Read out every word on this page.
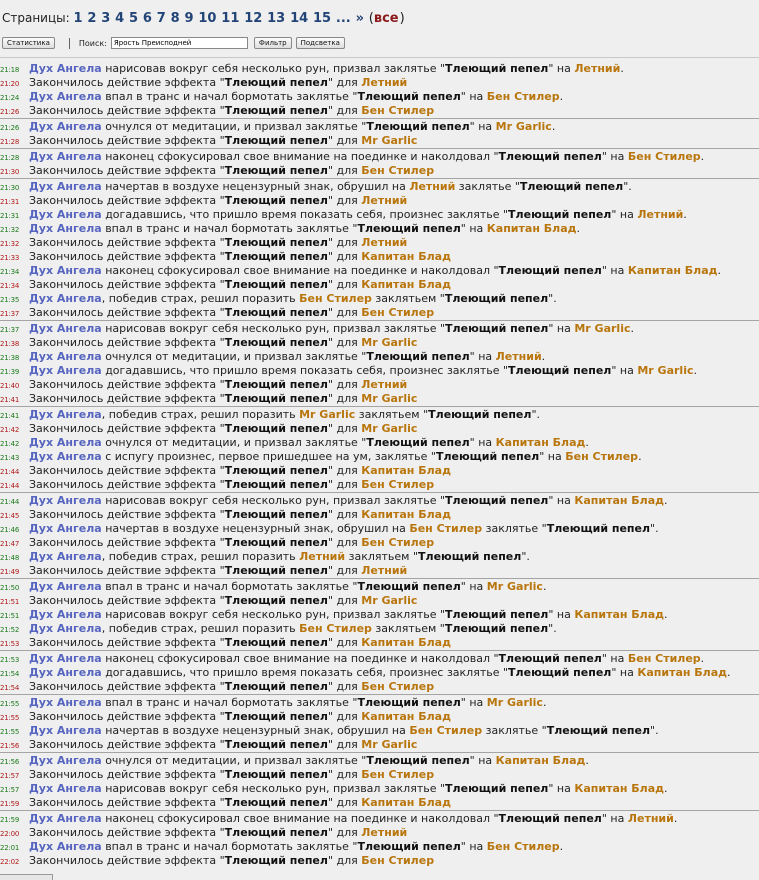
Страницы: 1 2 3 4 5 6 7 8 9 10 11 12 13 14 15 ... » (все)
Статистика	Поиск:
Ярость Преисподней	Фильтр	Подсветка
21:18 Дух Ангела нарисовав вокруг себя несколько рун, призвал заклятье "Тлеющий пепел" на Летний.
21:20 Закончилось действие эффекта "Тлеющий пепел" для Летний
21:24 Дух Ангела впал в транс и начал бормотать заклятье "Тлеющий пепел" на Бен Стилер.
21:26 Закончилось действие эффекта "Тлеющий пепел" для Бен Стилер
21:26 Дух Ангела очнулся от медитации, и призвал заклятье "Тлеющий пепел" на Mr Garlic.
21:28 Закончилось действие эффекта "Тлеющий пепел" для Mr Garlic
21:28 Дух Ангела наконец сфокусировал свое внимание на поединке и наколдовал "Тлеющий пепел" на Бен Стилер.
21:30 Закончилось действие эффекта "Тлеющий пепел" для Бен Стилер
21:30 Дух Ангела начертав в воздухе нецензурный знак, обрушил на Летний заклятье "Тлеющий пепел".
21:31 Закончилось действие эффекта "Тлеющий пепел" для Летний
21:31 Дух Ангела догадавшись, что пришло время показать себя, произнес заклятье "Тлеющий пепел" на Летний.
21:32 Дух Ангела впал в транс и начал бормотать заклятье "Тлеющий пепел" на Капитан Блад.
21:32 Закончилось действие эффекта "Тлеющий пепел" для Летний
21:33 Закончилось действие эффекта "Тлеющий пепел" для Капитан Блад
21:34 Дух Ангела наконец сфокусировал свое внимание на поединке и наколдовал "Тлеющий пепел" на Капитан Блад.
21:34 Закончилось действие эффекта "Тлеющий пепел" для Капитан Блад
21:35 Дух Ангела, победив страх, решил поразить Бен Стилер заклятьем "Тлеющий пепел".
21:37 Закончилось действие эффекта "Тлеющий пепел" для Бен Стилер
21:37 Дух Ангела нарисовав вокруг себя несколько рун, призвал заклятье "Тлеющий пепел" на Mr Garlic.
21:38 Закончилось действие эффекта "Тлеющий пепел" для Mr Garlic
21:38 Дух Ангела очнулся от медитации, и призвал заклятье "Тлеющий пепел" на Летний.
21:39 Дух Ангела догадавшись, что пришло время показать себя, произнес заклятье "Тлеющий пепел" на Mr Garlic.
21:40 Закончилось действие эффекта "Тлеющий пепел" для Летний
21:41 Закончилось действие эффекта "Тлеющий пепел" для Mr Garlic
21:41 Дух Ангела, победив страх, решил поразить Mr Garlic заклятьем "Тлеющий пепел".
21:42 Закончилось действие эффекта "Тлеющий пепел" для Mr Garlic
21:42 Дух Ангела очнулся от медитации, и призвал заклятье "Тлеющий пепел" на Капитан Блад.
21:43 Дух Ангела с испугу произнес, первое пришедшее на ум, заклятье "Тлеющий пепел" на Бен Стилер.
21:44 Закончилось действие эффекта "Тлеющий пепел" для Капитан Блад
21:44 Закончилось действие эффекта "Тлеющий пепел" для Бен Стилер
21:44 Дух Ангела нарисовав вокруг себя несколько рун, призвал заклятье "Тлеющий пепел" на Капитан Блад.
21:45 Закончилось действие эффекта "Тлеющий пепел" для Капитан Блад
21:46 Дух Ангела начертав в воздухе нецензурный знак, обрушил на Бен Стилер заклятье "Тлеющий пепел".
21:47 Закончилось действие эффекта "Тлеющий пепел" для Бен Стилер
21:48 Дух Ангела, победив страх, решил поразить Летний заклятьем "Тлеющий пепел".
21:49 Закончилось действие эффекта "Тлеющий пепел" для Летний
21:50 Дух Ангела впал в транс и начал бормотать заклятье "Тлеющий пепел" на Mr Garlic.
21:51 Закончилось действие эффекта "Тлеющий пепел" для Mr Garlic
21:51 Дух Ангела нарисовав вокруг себя несколько рун, призвал заклятье "Тлеющий пепел" на Капитан Блад.
21:52 Дух Ангела, победив страх, решил поразить Бен Стилер заклятьем "Тлеющий пепел".
21:53 Закончилось действие эффекта "Тлеющий пепел" для Капитан Блад
21:53 Дух Ангела наконец сфокусировал свое внимание на поединке и наколдовал "Тлеющий пепел" на Бен Стилер.
21:54 Дух Ангела догадавшись, что пришло время показать себя, произнес заклятье "Тлеющий пепел" на Капитан Блад.
21:54 Закончилось действие эффекта "Тлеющий пепел" для Бен Стилер
21:55 Дух Ангела впал в транс и начал бормотать заклятье "Тлеющий пепел" на Mr Garlic.
21:55 Закончилось действие эффекта "Тлеющий пепел" для Капитан Блад
21:55 Дух Ангела начертав в воздухе нецензурный знак, обрушил на Бен Стилер заклятье "Тлеющий пепел".
21:56 Закончилось действие эффекта "Тлеющий пепел" для Mr Garlic
21:56 Дух Ангела очнулся от медитации, и призвал заклятье "Тлеющий пепел" на Капитан Блад.
21:57 Закончилось действие эффекта "Тлеющий пепел" для Бен Стилер
21:57 Дух Ангела нарисовав вокруг себя несколько рун, призвал заклятье "Тлеющий пепел" на Капитан Блад.
21:59 Закончилось действие эффекта "Тлеющий пепел" для Капитан Блад
21:59 Дух Ангела наконец сфокусировал свое внимание на поединке и наколдовал "Тлеющий пепел" на Летний.
22:00 Закончилось действие эффекта "Тлеющий пепел" для Летний
22:01 Дух Ангела впал в транс и начал бормотать заклятье "Тлеющий пепел" на Бен Стилер.
22:02 Закончилось действие эффекта "Тлеющий пепел" для Бен Стилер
